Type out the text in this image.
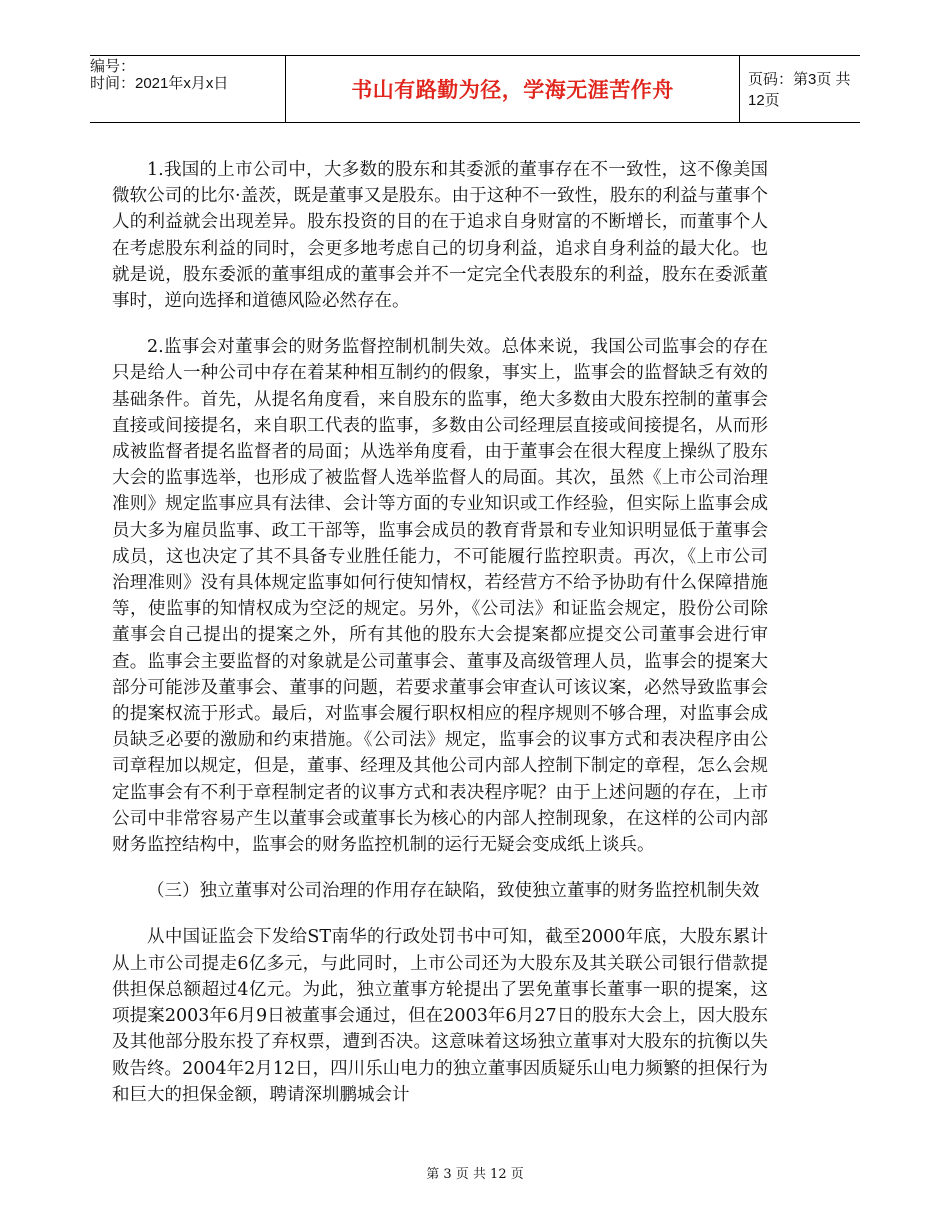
编号：
时间：2021年x月x日	书山有路勤为径，学海无涯苦作舟	页码：第3页 共12页

1.我国的上市公司中，大多数的股东和其委派的董事存在不一致性，这不像美国微软公司的比尔·盖茨，既是董事又是股东。由于这种不一致性，股东的利益与董事个人的利益就会出现差异。股东投资的目的在于追求自身财富的不断增长，而董事个人在考虑股东利益的同时，会更多地考虑自己的切身利益，追求自身利益的最大化。也就是说，股东委派的董事组成的董事会并不一定完全代表股东的利益，股东在委派董事时，逆向选择和道德风险必然存在。

2.监事会对董事会的财务监督控制机制失效。总体来说，我国公司监事会的存在只是给人一种公司中存在着某种相互制约的假象，事实上，监事会的监督缺乏有效的基础条件。首先，从提名角度看，来自股东的监事，绝大多数由大股东控制的董事会直接或间接提名，来自职工代表的监事，多数由公司经理层直接或间接提名，从而形成被监督者提名监督者的局面；从选举角度看，由于董事会在很大程度上操纵了股东大会的监事选举，也形成了被监督人选举监督人的局面。其次，虽然《上市公司治理准则》规定监事应具有法律、会计等方面的专业知识或工作经验，但实际上监事会成员大多为雇员监事、政工干部等，监事会成员的教育背景和专业知识明显低于董事会成员，这也决定了其不具备专业胜任能力，不可能履行监控职责。再次，《上市公司治理准则》没有具体规定监事如何行使知情权，若经营方不给予协助有什么保障措施等，使监事的知情权成为空泛的规定。另外，《公司法》和证监会规定，股份公司除董事会自己提出的提案之外，所有其他的股东大会提案都应提交公司董事会进行审查。监事会主要监督的对象就是公司董事会、董事及高级管理人员，监事会的提案大部分可能涉及董事会、董事的问题，若要求董事会审查认可该议案，必然导致监事会的提案权流于形式。最后，对监事会履行职权相应的程序规则不够合理，对监事会成员缺乏必要的激励和约束措施。《公司法》规定，监事会的议事方式和表决程序由公司章程加以规定，但是，董事、经理及其他公司内部人控制下制定的章程，怎么会规定监事会有不利于章程制定者的议事方式和表决程序呢？由于上述问题的存在，上市公司中非常容易产生以董事会或董事长为核心的内部人控制现象，在这样的公司内部财务监控结构中，监事会的财务监控机制的运行无疑会变成纸上谈兵。

（三）独立董事对公司治理的作用存在缺陷，致使独立董事的财务监控机制失效

从中国证监会下发给ST南华的行政处罚书中可知，截至2000年底，大股东累计从上市公司提走6亿多元，与此同时，上市公司还为大股东及其关联公司银行借款提供担保总额超过4亿元。为此，独立董事方轮提出了罢免董事长董事一职的提案，这项提案2003年6月9日被董事会通过，但在2003年6月27日的股东大会上，因大股东及其他部分股东投了弃权票，遭到否决。这意味着这场独立董事对大股东的抗衡以失败告终。2004年2月12日，四川乐山电力的独立董事因质疑乐山电力频繁的担保行为和巨大的担保金额，聘请深圳鹏城会计

第 3 页 共 12 页
